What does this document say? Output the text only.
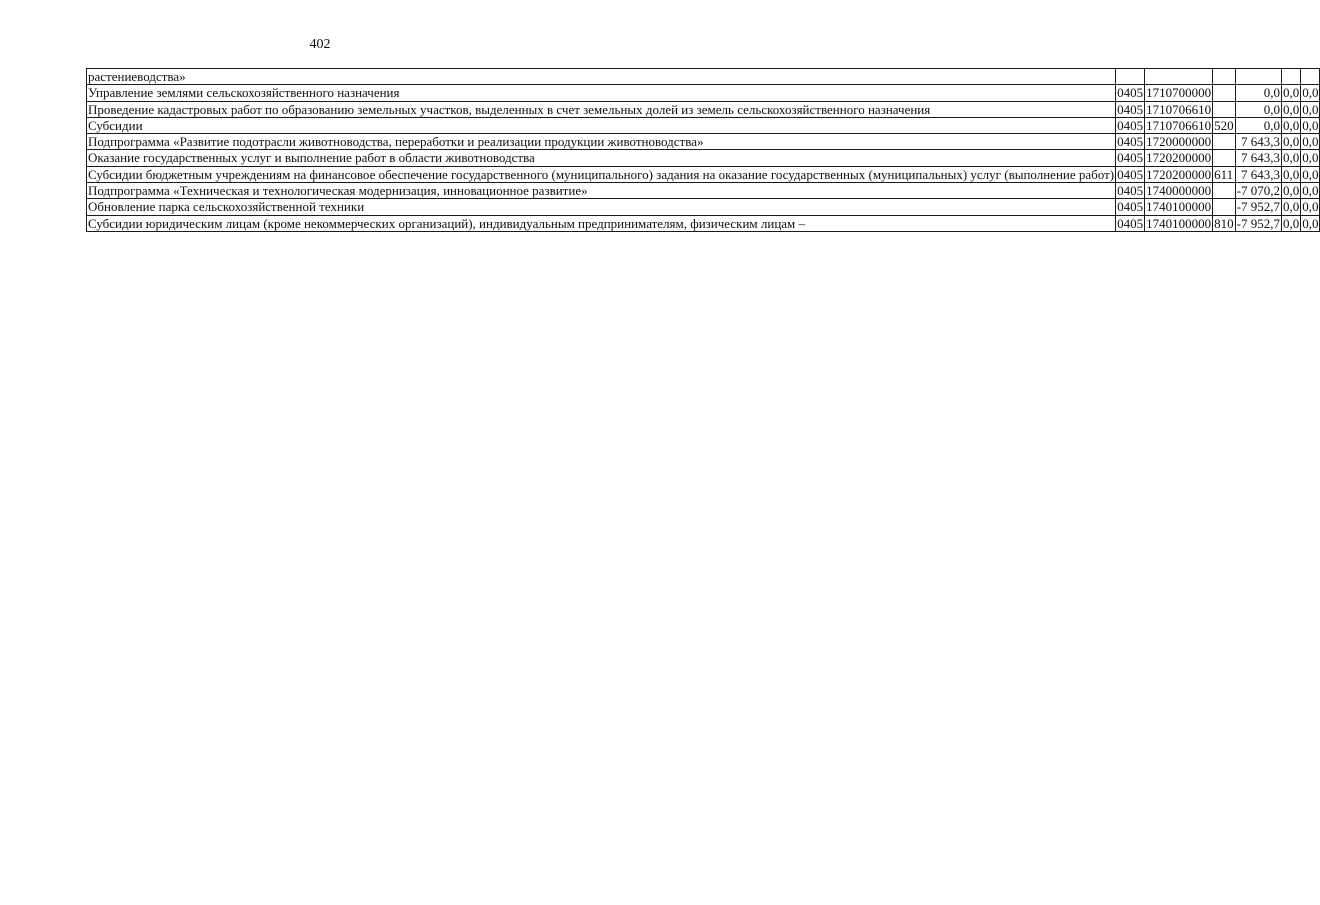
402
растениеводства»						
Управление землями сельскохозяйственного назначения	0405	1710700000		0,0	0,0	0,0
Проведение кадастровых работ по образованию земельных участков, выделенных в счет земельных долей из земель сельскохозяйственного назначения	0405	1710706610		0,0	0,0	0,0
Субсидии	0405	1710706610	520	0,0	0,0	0,0
Подпрограмма «Развитие подотрасли животноводства, переработки и реализации продукции животноводства»	0405	1720000000		7 643,3	0,0	0,0
Оказание государственных услуг и выполнение работ в области животноводства	0405	1720200000		7 643,3	0,0	0,0
Субсидии бюджетным учреждениям на финансовое обеспечение государственного (муниципального) задания на оказание государственных (муниципальных) услуг (выполнение работ)	0405	1720200000	611	7 643,3	0,0	0,0
Подпрограмма «Техническая и технологическая модернизация, инновационное развитие»	0405	1740000000		-7 070,2	0,0	0,0
Обновление парка сельскохозяйственной техники	0405	1740100000		-7 952,7	0,0	0,0
Субсидии юридическим лицам (кроме некоммерческих организаций), индивидуальным предпринимателям, физическим лицам –	0405	1740100000	810	-7 952,7	0,0	0,0
